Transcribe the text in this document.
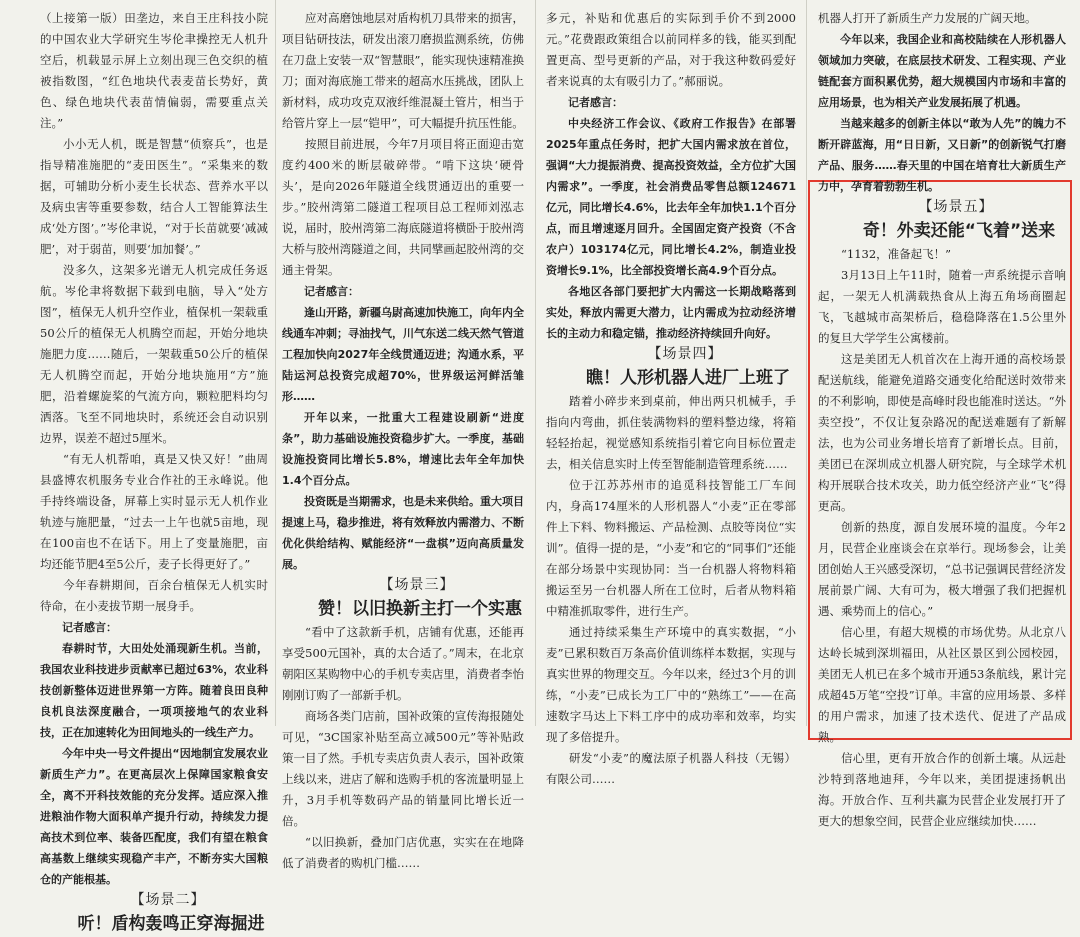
（上接第一版）田垄边，来自王庄科技小院的中国农业大学研究生岑伦聿操控无人机升空后，机载显示屏上立刻出现三色交织的植被指数图，“红色地块代表麦苗长势好，黄色、绿色地块代表苗情偏弱，需要重点关注。”

小小无人机，既是智慧“侦察兵”，也是指导精准施肥的“麦田医生”。“采集来的数据，可辅助分析小麦生长状态、营养水平以及病虫害等重要参数，结合人工智能算法生成‘处方图’。”岑伦聿说，“对于长苗就要‘减减肥’，对于弱苗，则要‘加加餐’。”

没多久，这架多光谱无人机完成任务返航。岑伦聿将数据下载到电脑，导入“处方图”，植保无人机升空作业，植保机一架载重50公斤的植保无人机腾空而起，开始分地块施肥力度……随后，一架载重50公斤的植保无人机腾空而起，开始分地块施用“方”施肥，沿着螺旋桨的气流方向，颗粒肥料均匀洒落。飞至不同地块时，系统还会自动识别边界，误差不超过5厘米。

“有无人机帮咱，真是又快又好！”曲周县盛博农机服务专业合作社的王永峰说。他手持终端设备，屏幕上实时显示无人机作业轨迹与施肥量，“过去一上午也就5亩地，现在100亩也不在话下。用上了变量施肥，亩均还能节肥4至5公斤，麦子长得更好了。”

今年春耕期间，百余台植保无人机实时待命，在小麦拔节期一展身手。

记者感言：

春耕时节，大田处处涌现新生机。当前，我国农业科技进步贡献率已超过63%，农业科技创新整体迈进世界第一方阵。随着良田良种良机良法深度融合，一项项接地气的农业科技，正在加速转化为田间地头的一线生产力。

今年中央一号文件提出“因地制宜发展农业新质生产力”。在更高层次上保障国家粮食安全，离不开科技效能的充分发挥。适应深入推进粮油作物大面积单产提升行动，持续发力提高技术到位率、装备匹配度，我们有望在粮食高基数上继续实现稳产丰产，不断夯实大国粮仓的产能根基。

【场景二】

听！盾构轰鸣正穿海掘进

应对高磨蚀地层对盾构机刀具带来的损害，项目钻研技法，研发出滚刀磨损监测系统，仿佛在刀盘上安装一双“智慧眼”，能实现快速精准换刀；面对海底施工带来的超高水压挑战，团队上新材料，成功攻克双液纤维混凝土管片，相当于给管片穿上一层“铠甲”，可大幅提升抗压性能。

按照目前进展，今年7月项目将正面迎击宽度约400米的断层破碎带。“啃下这块‘硬骨头’，是向2026年隧道全线贯通迈出的重要一步。”胶州湾第二隧道工程项目总工程师刘泓志说，届时，胶州湾第二海底隧道将横卧于胶州湾大桥与胶州湾隧道之间，共同擘画起胶州湾的交通主骨架。

记者感言：

逢山开路，新疆乌尉高速加快施工，向年内全线通车冲刺；寻油找气，川气东送二线天然气管道工程加快向2027年全线贯通迈进；沟通水系，平陆运河总投资完成超70%，世界级运河鲜活雏形……

开年以来，一批重大工程建设刷新“进度条”，助力基础设施投资稳步扩大。一季度，基础设施投资同比增长5.8%，增速比去年全年加快1.4个百分点。

投资既是当期需求，也是未来供给。重大项目提速上马，稳步推进，将有效释放内需潜力、不断优化供给结构、赋能经济“一盘棋”迈向高质量发展。

【场景三】

赞！以旧换新主打一个实惠

“看中了这款新手机，店铺有优惠，还能再享受500元国补，真的太合适了。”周末，在北京朝阳区某购物中心的手机专卖店里，消费者李怡刚刚订购了一部新手机。

商场各类门店前，国补政策的宣传海报随处可见，“3C国家补贴至高立减500元”等补贴政策一目了然。手机专卖店负责人表示，国补政策上线以来，进店了解和选购手机的客流量明显上升，3月手机等数码产品的销量同比增长近一倍。

“以旧换新，叠加门店优惠，实实在在地降低了消费者的购机门槛……

多元，补贴和优惠后的实际到手价不到2000元。”花费跟政策组合以前同样多的钱，能买到配置更高、型号更新的产品，对于我这种数码爱好者来说真的太有吸引力了。”郝丽说。

记者感言：

中央经济工作会议、《政府工作报告》在部署2025年重点任务时，把扩大国内需求放在首位，强调“大力提振消费、提高投资效益，全方位扩大国内需求”。一季度，社会消费品零售总额124671亿元，同比增长4.6%，比去年全年加快1.1个百分点，而且增速逐月回升。全国固定资产投资（不含农户）103174亿元，同比增长4.2%，制造业投资增长9.1%，比全部投资增长高4.9个百分点。

各地区各部门要把扩大内需这一长期战略落到实处，释放内需更大潜力，让内需成为拉动经济增长的主动力和稳定锚，推动经济持续回升向好。

【场景四】

瞧！人形机器人进厂上班了

踏着小碎步来到桌前，伸出两只机械手，手指向内弯曲，抓住装满物料的塑料整边缘，将箱轻轻抬起，视觉感知系统指引着它向目标位置走去，相关信息实时上传至智能制造管理系统……

位于江苏苏州市的追觅科技智能工厂车间内，身高174厘米的人形机器人“小麦”正在零部件上下料、物料搬运、产品检测、点胶等岗位“实训”。值得一提的是，“小麦”和它的“同事们”还能在部分场景中实现协同：当一台机器人将物料箱搬运至另一台机器人所在工位时，后者从物料箱中精准抓取零件，进行生产。

通过持续采集生产环境中的真实数据，“小麦”已累积数百万条高价值训练样本数据，实现与真实世界的物理交互。今年以来，经过3个月的训练，“小麦”已成长为工厂中的“熟练工”——在高速数字马达上下料工序中的成功率和效率，均实现了多倍提升。

研发“小麦”的魔法原子机器人科技（无锡）有限公司……

机器人打开了新质生产力发展的广阔天地。

今年以来，我国企业和高校陆续在人形机器人领域加力突破，在底层技术研发、工程实现、产业链配套方面积累优势，超大规模国内市场和丰富的应用场景，也为相关产业发展拓展了机遇。

当越来越多的创新主体以“敢为人先”的魄力不断开辟蓝海，用“日日新，又日新”的创新锐气打磨产品、服务……春天里的中国在培育壮大新质生产力中，孕育着勃勃生机。

【场景五】

奇！外卖还能“飞着”送来

“1132，准备起飞！”

3月13日上午11时，随着一声系统提示音响起，一架无人机满载热食从上海五角场商圈起飞，飞越城市高架桥后，稳稳降落在1.5公里外的复旦大学学生公寓楼前。

这是美团无人机首次在上海开通的高校场景配送航线，能避免道路交通变化给配送时效带来的不利影响，即使是高峰时段也能准时送达。“外卖空投”，不仅让复杂路况的配送难题有了新解法，也为公司业务增长培育了新增长点。目前，美团已在深圳成立机器人研究院，与全球学术机构开展联合技术攻关，助力低空经济产业“飞”得更高。

创新的热度，源自发展环境的温度。今年2月，民营企业座谈会在京举行。现场参会，让美团创始人王兴感受深切，“总书记强调民营经济发展前景广阔、大有可为，极大增强了我们把握机遇、乘势而上的信心。”

信心里，有超大规模的市场优势。从北京八达岭长城到深圳福田，从社区景区到公园校园，美团无人机已在多个城市开通53条航线，累计完成超45万笔“空投”订单。丰富的应用场景、多样的用户需求，加速了技术迭代、促进了产品成熟。

信心里，更有开放合作的创新土壤。从远赴沙特到落地迪拜，今年以来，美团提速扬帆出海。开放合作、互利共赢为民营企业发展打开了更大的想象空间，民营企业应继续加快……
